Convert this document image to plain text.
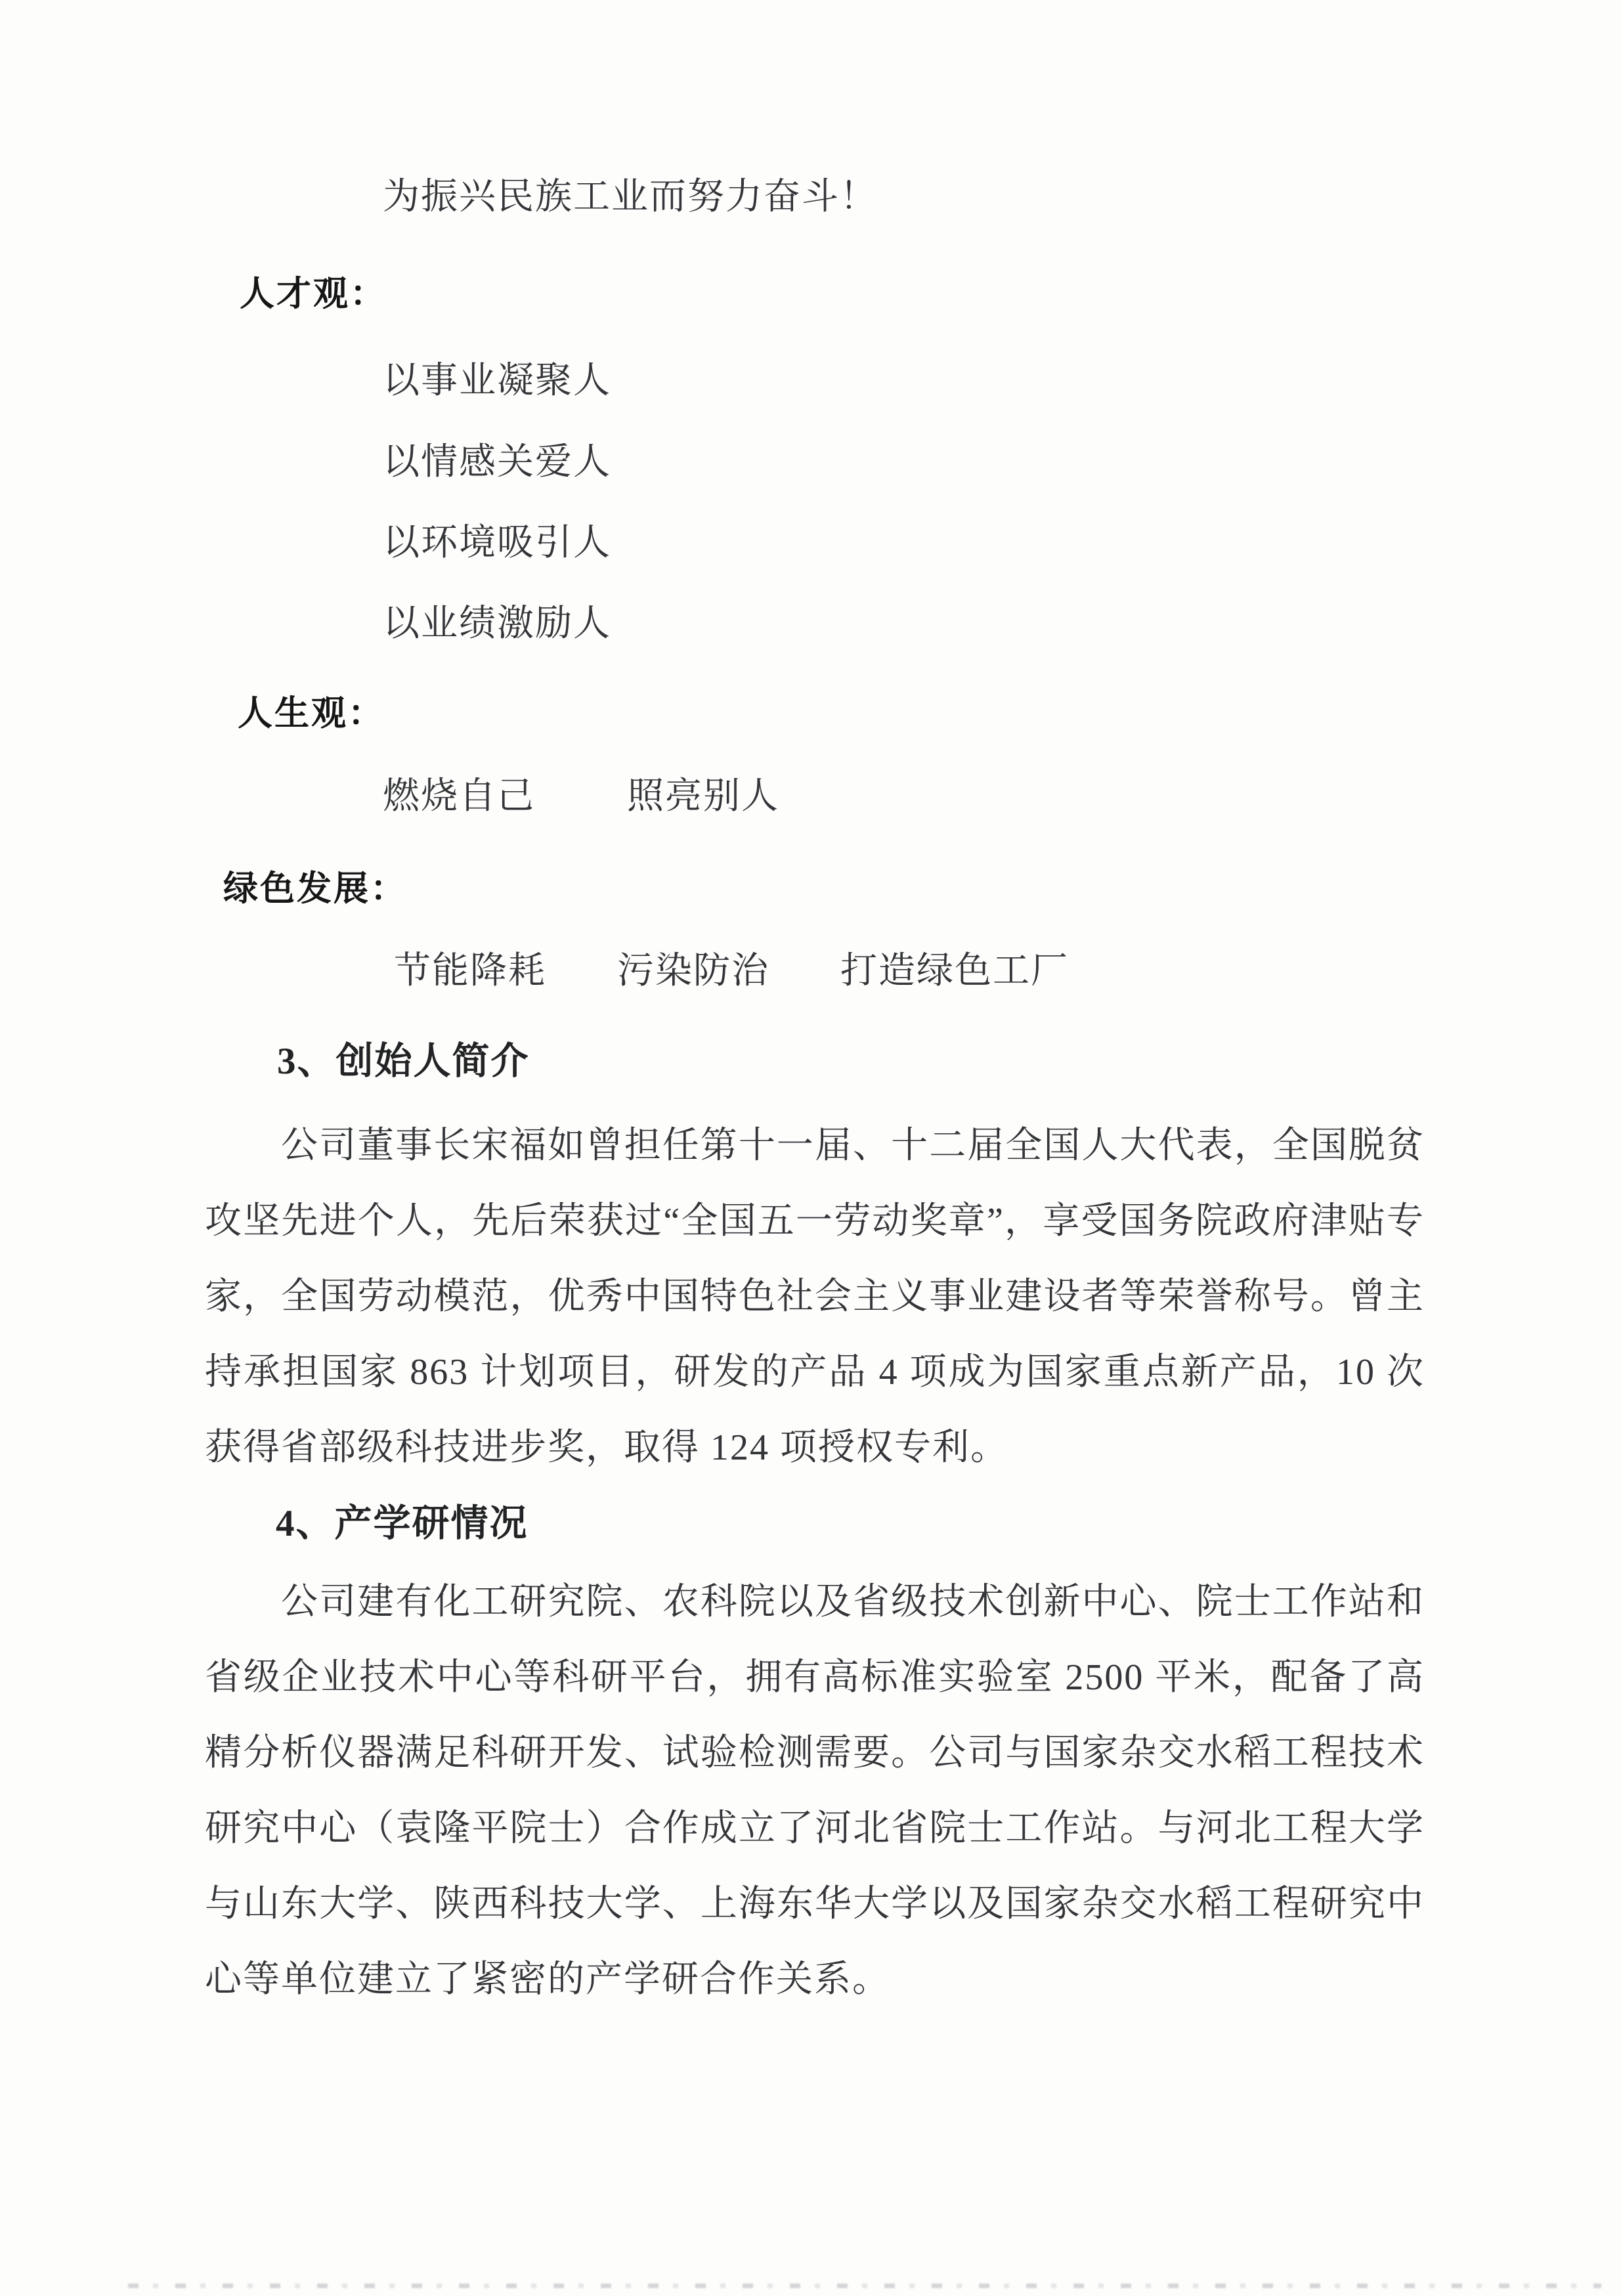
为振兴民族工业而努力奋斗！
人才观：
以事业凝聚人
以情感关爱人
以环境吸引人
以业绩激励人
人生观：
燃烧自己	照亮别人
绿色发展：
节能降耗 污染防治 打造绿色工厂
3、创始人简介
公司董事长宋福如曾担任第十一届、十二届全国人大代表，全国脱贫攻坚先进个人，先后荣获过“全国五一劳动奖章”，享受国务院政府津贴专家，全国劳动模范，优秀中国特色社会主义事业建设者等荣誉称号。曾主持承担国家 863 计划项目，研发的产品 4 项成为国家重点新产品，10 次获得省部级科技进步奖，取得 124 项授权专利。
4、产学研情况
公司建有化工研究院、农科院以及省级技术创新中心、院士工作站和省级企业技术中心等科研平台，拥有高标准实验室 2500 平米，配备了高精分析仪器满足科研开发、试验检测需要。公司与国家杂交水稻工程技术研究中心（袁隆平院士）合作成立了河北省院士工作站。与河北工程大学与山东大学、陕西科技大学、上海东华大学以及国家杂交水稻工程研究中心等单位建立了紧密的产学研合作关系。
